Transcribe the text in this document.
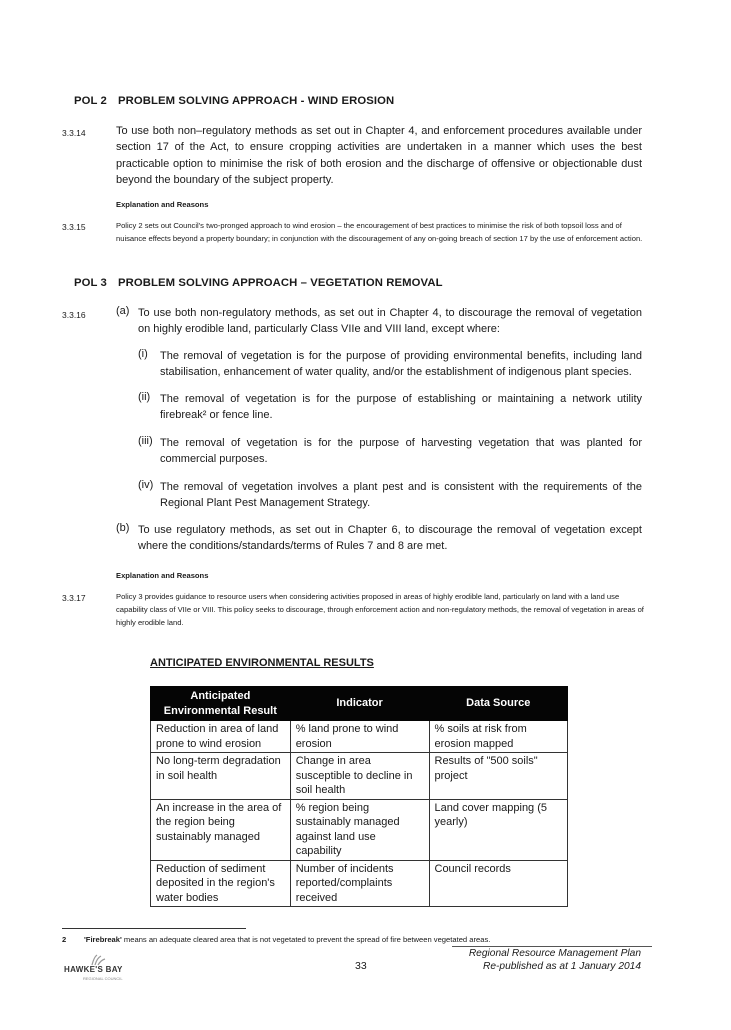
POL 2 PROBLEM SOLVING APPROACH - WIND EROSION
3.3.14	To use both non–regulatory methods as set out in Chapter 4, and enforcement procedures available under section 17 of the Act, to ensure cropping activities are undertaken in a manner which uses the best practicable option to minimise the risk of both erosion and the discharge of offensive or objectionable dust beyond the boundary of the subject property.
Explanation and Reasons
3.3.15	Policy 2 sets out Council's two-pronged approach to wind erosion – the encouragement of best practices to minimise the risk of both topsoil loss and of nuisance effects beyond a property boundary; in conjunction with the discouragement of any on-going breach of section 17 by the use of enforcement action.
POL 3 PROBLEM SOLVING APPROACH – VEGETATION REMOVAL
3.3.16	(a) To use both non-regulatory methods, as set out in Chapter 4, to discourage the removal of vegetation on highly erodible land, particularly Class VIIe and VIII land, except where:
(i) The removal of vegetation is for the purpose of providing environmental benefits, including land stabilisation, enhancement of water quality, and/or the establishment of indigenous plant species.
(ii) The removal of vegetation is for the purpose of establishing or maintaining a network utility firebreak² or fence line.
(iii) The removal of vegetation is for the purpose of harvesting vegetation that was planted for commercial purposes.
(iv) The removal of vegetation involves a plant pest and is consistent with the requirements of the Regional Plant Pest Management Strategy.
(b) To use regulatory methods, as set out in Chapter 6, to discourage the removal of vegetation except where the conditions/standards/terms of Rules 7 and 8 are met.
Explanation and Reasons
3.3.17	Policy 3 provides guidance to resource users when considering activities proposed in areas of highly erodible land, particularly on land with a land use capability class of VIIe or VIII. This policy seeks to discourage, through enforcement action and non-regulatory methods, the removal of vegetation in areas of highly erodible land.
ANTICIPATED ENVIRONMENTAL RESULTS
Anticipated Environmental Result	Indicator	Data Source
Reduction in area of land prone to wind erosion	% land prone to wind erosion	% soils at risk from erosion mapped
No long-term degradation in soil health	Change in area susceptible to decline in soil health	Results of "500 soils" project
An increase in the area of the region being sustainably managed	% region being sustainably managed against land use capability	Land cover mapping (5 yearly)
Reduction of sediment deposited in the region's water bodies	Number of incidents reported/complaints received	Council records
2 'Firebreak' means an adequate cleared area that is not vegetated to prevent the spread of fire between vegetated areas.
HAWKE'S BAY
REGIONAL COUNCIL
33
Regional Resource Management Plan
Re-published as at 1 January 2014
